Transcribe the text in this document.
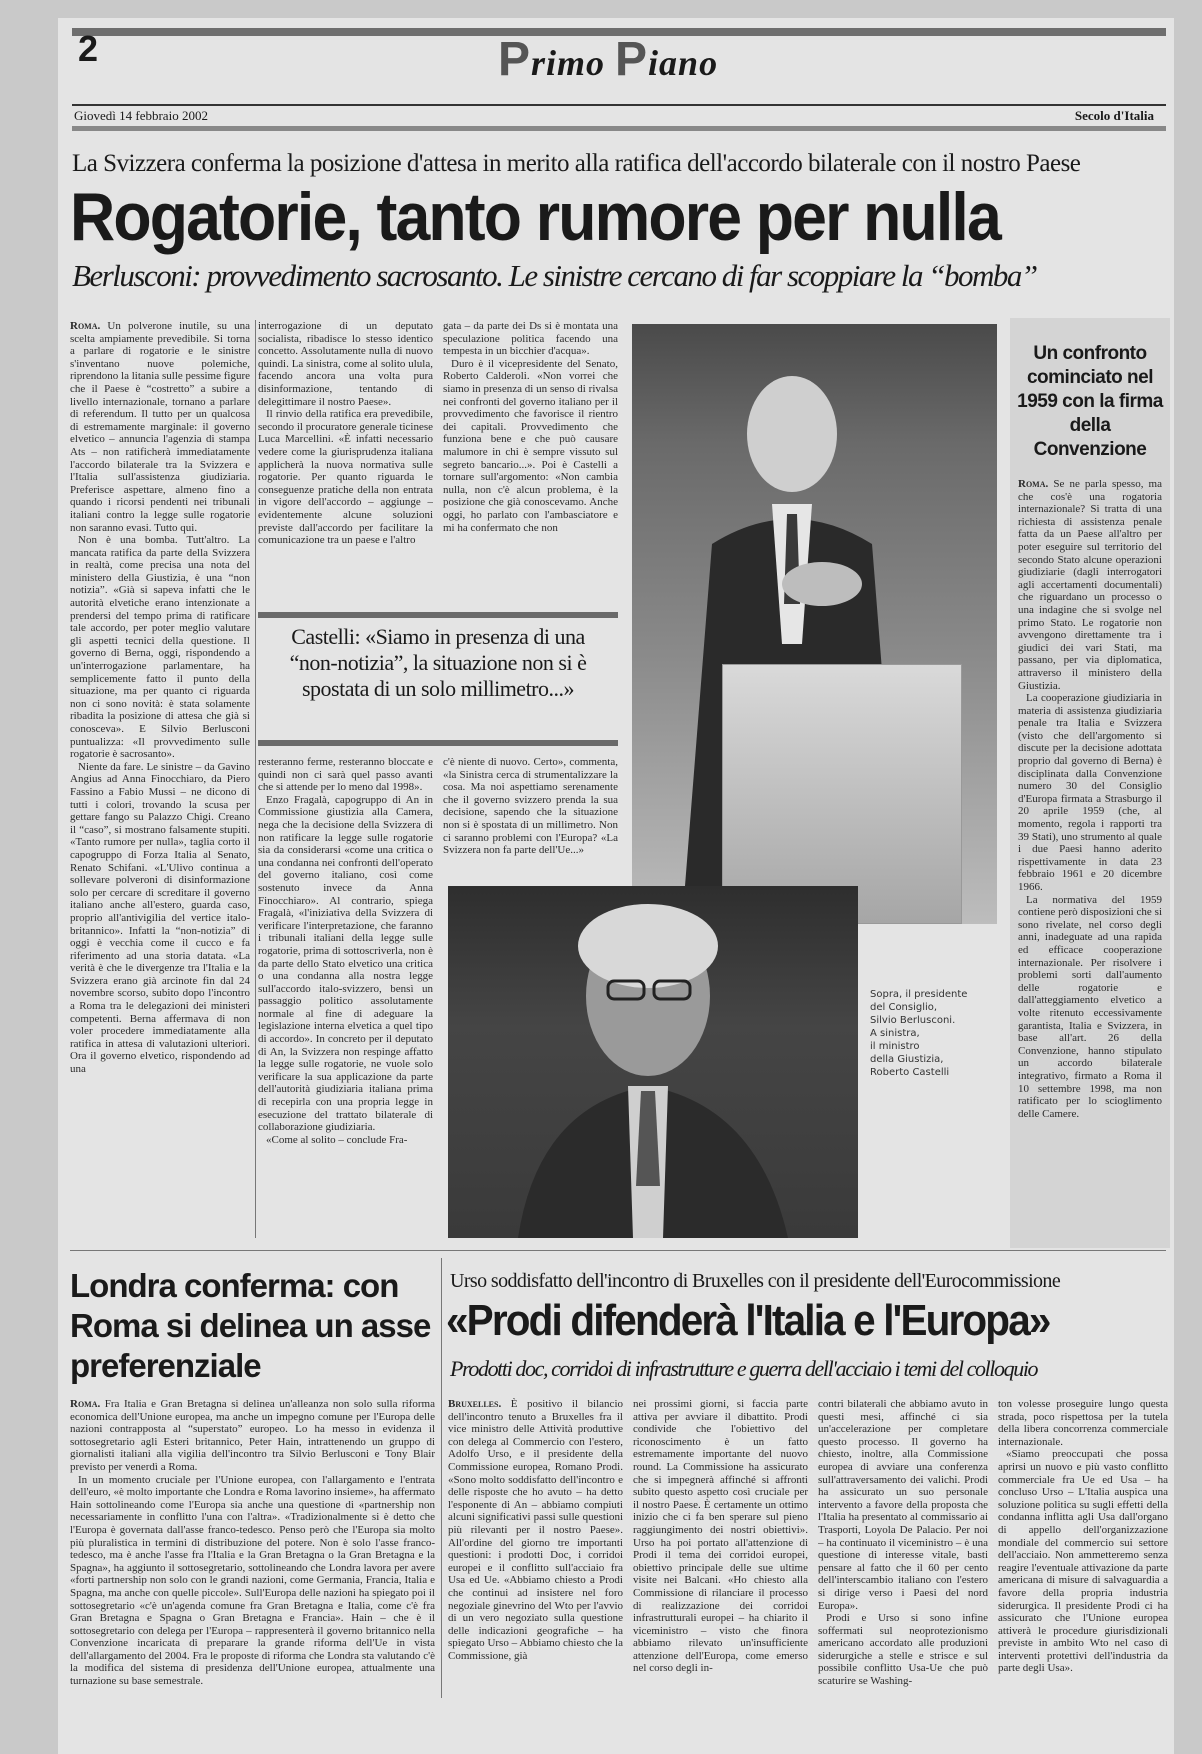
2	Primo Piano
Giovedì 14 febbraio 2002	Secolo d'Italia
La Svizzera conferma la posizione d'attesa in merito alla ratifica dell'accordo bilaterale con il nostro Paese
Rogatorie, tanto rumore per nulla
Berlusconi: provvedimento sacrosanto. Le sinistre cercano di far scoppiare la “bomba”

Roma. Un polverone inutile, su una scelta ampiamente prevedibile. Si torna a parlare di rogatorie e le sinistre s'inventano nuove polemiche, riprendono la litania sulle pessime figure che il Paese è “costretto” a subire a livello internazionale, tornano a parlare di referendum. Il tutto per un qualcosa di estremamente marginale: il governo elvetico – annuncia l'agenzia di stampa Ats – non ratificherà immediatamente l'accordo bilaterale tra la Svizzera e l'Italia sull'assistenza giudiziaria. Preferisce aspettare, almeno fino a quando i ricorsi pendenti nei tribunali italiani contro la legge sulle rogatorie non saranno evasi. Tutto qui.

Non è una bomba. Tutt'altro. La mancata ratifica da parte della Svizzera in realtà, come precisa una nota del ministero della Giustizia, è una “non notizia”. «Già si sapeva infatti che le autorità elvetiche erano intenzionate a prendersi del tempo prima di ratificare tale accordo, per poter meglio valutare gli aspetti tecnici della questione. Il governo di Berna, oggi, rispondendo a un'interrogazione parlamentare, ha semplicemente fatto il punto della situazione, ma per quanto ci riguarda non ci sono novità: è stata solamente ribadita la posizione di attesa che già si conosceva». E Silvio Berlusconi puntualizza: «Il provvedimento sulle rogatorie è sacrosanto».

Niente da fare. Le sinistre – da Gavino Angius ad Anna Finocchiaro, da Piero Fassino a Fabio Mussi – ne dicono di tutti i colori, trovando la scusa per gettare fango su Palazzo Chigi. Creano il “caso”, si mostrano falsamente stupiti. «Tanto rumore per nulla», taglia corto il capogruppo di Forza Italia al Senato, Renato Schifani. «L'Ulivo continua a sollevare polveroni di disinformazione solo per cercare di screditare il governo italiano anche all'estero, guarda caso, proprio all'antivigilia del vertice italo-britannico». Infatti la “non-notizia” di oggi è vecchia come il cucco e fa riferimento ad una storia datata. «La verità è che le divergenze tra l'Italia e la Svizzera erano già arcinote fin dal 24 novembre scorso, subito dopo l'incontro a Roma tra le delegazioni dei ministeri competenti. Berna affermava di non voler procedere immediatamente alla ratifica in attesa di valutazioni ulteriori. Ora il governo elvetico, rispondendo ad una

interrogazione di un deputato socialista, ribadisce lo stesso identico concetto. Assolutamente nulla di nuovo quindi. La sinistra, come al solito ulula, facendo ancora una volta pura disinformazione, tentando di delegittimare il nostro Paese».

Il rinvio della ratifica era prevedibile, secondo il procuratore generale ticinese Luca Marcellini. «È infatti necessario vedere come la giurisprudenza italiana applicherà la nuova normativa sulle rogatorie. Per quanto riguarda le conseguenze pratiche della non entrata in vigore dell'accordo – aggiunge – evidentemente alcune soluzioni previste dall'accordo per facilitare la comunicazione tra un paese e l'altro

gata – da parte dei Ds si è montata una speculazione politica facendo una tempesta in un bicchier d'acqua».

Duro è il vicepresidente del Senato, Roberto Calderoli. «Non vorrei che siamo in presenza di un senso di rivalsa nei confronti del governo italiano per il provvedimento che favorisce il rientro dei capitali. Provvedimento che funziona bene e che può causare malumore in chi è sempre vissuto sul segreto bancario...». Poi è Castelli a tornare sull'argomento: «Non cambia nulla, non c'è alcun problema, è la posizione che già conoscevamo. Anche oggi, ho parlato con l'ambasciatore e mi ha confermato che non

Castelli: «Siamo in presenza di una “non-notizia”, la situazione non si è spostata di un solo millimetro...»

resteranno ferme, resteranno bloccate e quindi non ci sarà quel passo avanti che si attende per lo meno dal 1998».

Enzo Fragalà, capogruppo di An in Commissione giustizia alla Camera, nega che la decisione della Svizzera di non ratificare la legge sulle rogatorie sia da considerarsi «come una critica o una condanna nei confronti dell'operato del governo italiano, così come sostenuto invece da Anna Finocchiaro». Al contrario, spiega Fragalà, «l'iniziativa della Svizzera di verificare l'interpretazione, che faranno i tribunali italiani della legge sulle rogatorie, prima di sottoscriverla, non è da parte dello Stato elvetico una critica o una condanna alla nostra legge sull'accordo italo-svizzero, bensì un passaggio politico assolutamente normale al fine di adeguare la legislazione interna elvetica a quel tipo di accordo». In concreto per il deputato di An, la Svizzera non respinge affatto la legge sulle rogatorie, ne vuole solo verificare la sua applicazione da parte dell'autorità giudiziaria italiana prima di recepirla con una propria legge in esecuzione del trattato bilaterale di collaborazione giudiziaria.

«Come al solito – conclude Fra-

c'è niente di nuovo. Certo», commenta, «la Sinistra cerca di strumentalizzare la cosa. Ma noi aspettiamo serenamente che il governo svizzero prenda la sua decisione, sapendo che la situazione non si è spostata di un millimetro. Non ci saranno problemi con l'Europa? «La Svizzera non fa parte dell'Ue...»

Sopra, il presidente
del Consiglio,
Silvio Berlusconi.
A sinistra,
il ministro
della Giustizia,
Roberto Castelli
Un confronto cominciato nel 1959 con la firma della Convenzione

Roma. Se ne parla spesso, ma che cos'è una rogatoria internazionale? Si tratta di una richiesta di assistenza penale fatta da un Paese all'altro per poter eseguire sul territorio del secondo Stato alcune operazioni giudiziarie (dagli interrogatori agli accertamenti documentali) che riguardano un processo o una indagine che si svolge nel primo Stato. Le rogatorie non avvengono direttamente tra i giudici dei vari Stati, ma passano, per via diplomatica, attraverso il ministero della Giustizia.

La cooperazione giudiziaria in materia di assistenza giudiziaria penale tra Italia e Svizzera (visto che dell'argomento si discute per la decisione adottata proprio dal governo di Berna) è disciplinata dalla Convenzione numero 30 del Consiglio d'Europa firmata a Strasburgo il 20 aprile 1959 (che, al momento, regola i rapporti tra 39 Stati), uno strumento al quale i due Paesi hanno aderito rispettivamente in data 23 febbraio 1961 e 20 dicembre 1966.

La normativa del 1959 contiene però disposizioni che si sono rivelate, nel corso degli anni, inadeguate ad una rapida ed efficace cooperazione internazionale. Per risolvere i problemi sorti dall'aumento delle rogatorie e dall'atteggiamento elvetico a volte ritenuto eccessivamente garantista, Italia e Svizzera, in base all'art. 26 della Convenzione, hanno stipulato un accordo bilaterale integrativo, firmato a Roma il 10 settembre 1998, ma non ratificato per lo scioglimento delle Camere.

Londra conferma: con Roma si delinea un asse preferenziale

Roma. Fra Italia e Gran Bretagna si delinea un'alleanza non solo sulla riforma economica dell'Unione europea, ma anche un impegno comune per l'Europa delle nazioni contrapposta al “superstato” europeo. Lo ha messo in evidenza il sottosegretario agli Esteri britannico, Peter Hain, intrattenendo un gruppo di giornalisti italiani alla vigilia dell'incontro tra Silvio Berlusconi e Tony Blair previsto per venerdì a Roma.

In un momento cruciale per l'Unione europea, con l'allargamento e l'entrata dell'euro, «è molto importante che Londra e Roma lavorino insieme», ha affermato Hain sottolineando come l'Europa sia anche una questione di «partnership non necessariamente in conflitto l'una con l'altra». «Tradizionalmente si è detto che l'Europa è governata dall'asse franco-tedesco. Penso però che l'Europa sia molto più pluralistica in termini di distribuzione del potere. Non è solo l'asse franco-tedesco, ma è anche l'asse fra l'Italia e la Gran Bretagna o la Gran Bretagna e la Spagna», ha aggiunto il sottosegretario, sottolineando che Londra lavora per avere «forti partnership non solo con le grandi nazioni, come Germania, Francia, Italia e Spagna, ma anche con quelle piccole». Sull'Europa delle nazioni ha spiegato poi il sottosegretario «c'è un'agenda comune fra Gran Bretagna e Italia, come c'è fra Gran Bretagna e Spagna o Gran Bretagna e Francia». Hain – che è il sottosegretario con delega per l'Europa – rappresenterà il governo britannico nella Convenzione incaricata di preparare la grande riforma dell'Ue in vista dell'allargamento del 2004. Fra le proposte di riforma che Londra sta valutando c'è la modifica del sistema di presidenza dell'Unione europea, attualmente una turnazione su base semestrale.

Urso soddisfatto dell'incontro di Bruxelles con il presidente dell'Eurocommissione
«Prodi difenderà l'Italia e l'Europa»
Prodotti doc, corridoi di infrastrutture e guerra dell'acciaio i temi del colloquio

Bruxelles. È positivo il bilancio dell'incontro tenuto a Bruxelles fra il vice ministro delle Attività produttive con delega al Commercio con l'estero, Adolfo Urso, e il presidente della Commissione europea, Romano Prodi. «Sono molto soddisfatto dell'incontro e delle risposte che ho avuto – ha detto l'esponente di An – abbiamo compiuti alcuni significativi passi sulle questioni più rilevanti per il nostro Paese». All'ordine del giorno tre importanti questioni: i prodotti Doc, i corridoi europei e il conflitto sull'acciaio fra Usa ed Ue. «Abbiamo chiesto a Prodi che continui ad insistere nel foro negoziale ginevrino del Wto per l'avvio di un vero negoziato sulla questione delle indicazioni geografiche – ha spiegato Urso – Abbiamo chiesto che la Commissione, già

nei prossimi giorni, si faccia parte attiva per avviare il dibattito. Prodi condivide che l'obiettivo del riconoscimento è un fatto estremamente importante del nuovo round. La Commissione ha assicurato che si impegnerà affinché si affronti subito questo aspetto così cruciale per il nostro Paese. È certamente un ottimo inizio che ci fa ben sperare sul pieno raggiungimento dei nostri obiettivi». Urso ha poi portato all'attenzione di Prodi il tema dei corridoi europei, obiettivo principale delle sue ultime visite nei Balcani. «Ho chiesto alla Commissione di rilanciare il processo di realizzazione dei corridoi infrastrutturali europei – ha chiarito il viceministro – visto che finora abbiamo rilevato un'insufficiente attenzione dell'Europa, come emerso nel corso degli in-

contri bilaterali che abbiamo avuto in questi mesi, affinché ci sia un'accelerazione per completare questo processo. Il governo ha chiesto, inoltre, alla Commissione europea di avviare una conferenza sull'attraversamento dei valichi. Prodi ha assicurato un suo personale intervento a favore della proposta che l'Italia ha presentato al commissario ai Trasporti, Loyola De Palacio. Per noi – ha continuato il viceministro – è una questione di interesse vitale, basti pensare al fatto che il 60 per cento dell'interscambio italiano con l'estero si dirige verso i Paesi del nord Europa».

Prodi e Urso si sono infine soffermati sul neoprotezionismo americano accordato alle produzioni siderurgiche a stelle e strisce e sul possibile conflitto Usa-Ue che può scaturire se Washing-

ton volesse proseguire lungo questa strada, poco rispettosa per la tutela della libera concorrenza commerciale internazionale.

«Siamo preoccupati che possa aprirsi un nuovo e più vasto conflitto commerciale fra Ue ed Usa – ha concluso Urso – L'Italia auspica una soluzione politica su sugli effetti della condanna inflitta agli Usa dall'organo di appello dell'organizzazione mondiale del commercio sui settore dell'acciaio. Non ammetteremo senza reagire l'eventuale attivazione da parte americana di misure di salvaguardia a favore della propria industria siderurgica. Il presidente Prodi ci ha assicurato che l'Unione europea attiverà le procedure giurisdizionali previste in ambito Wto nel caso di interventi protettivi dell'industria da parte degli Usa».
